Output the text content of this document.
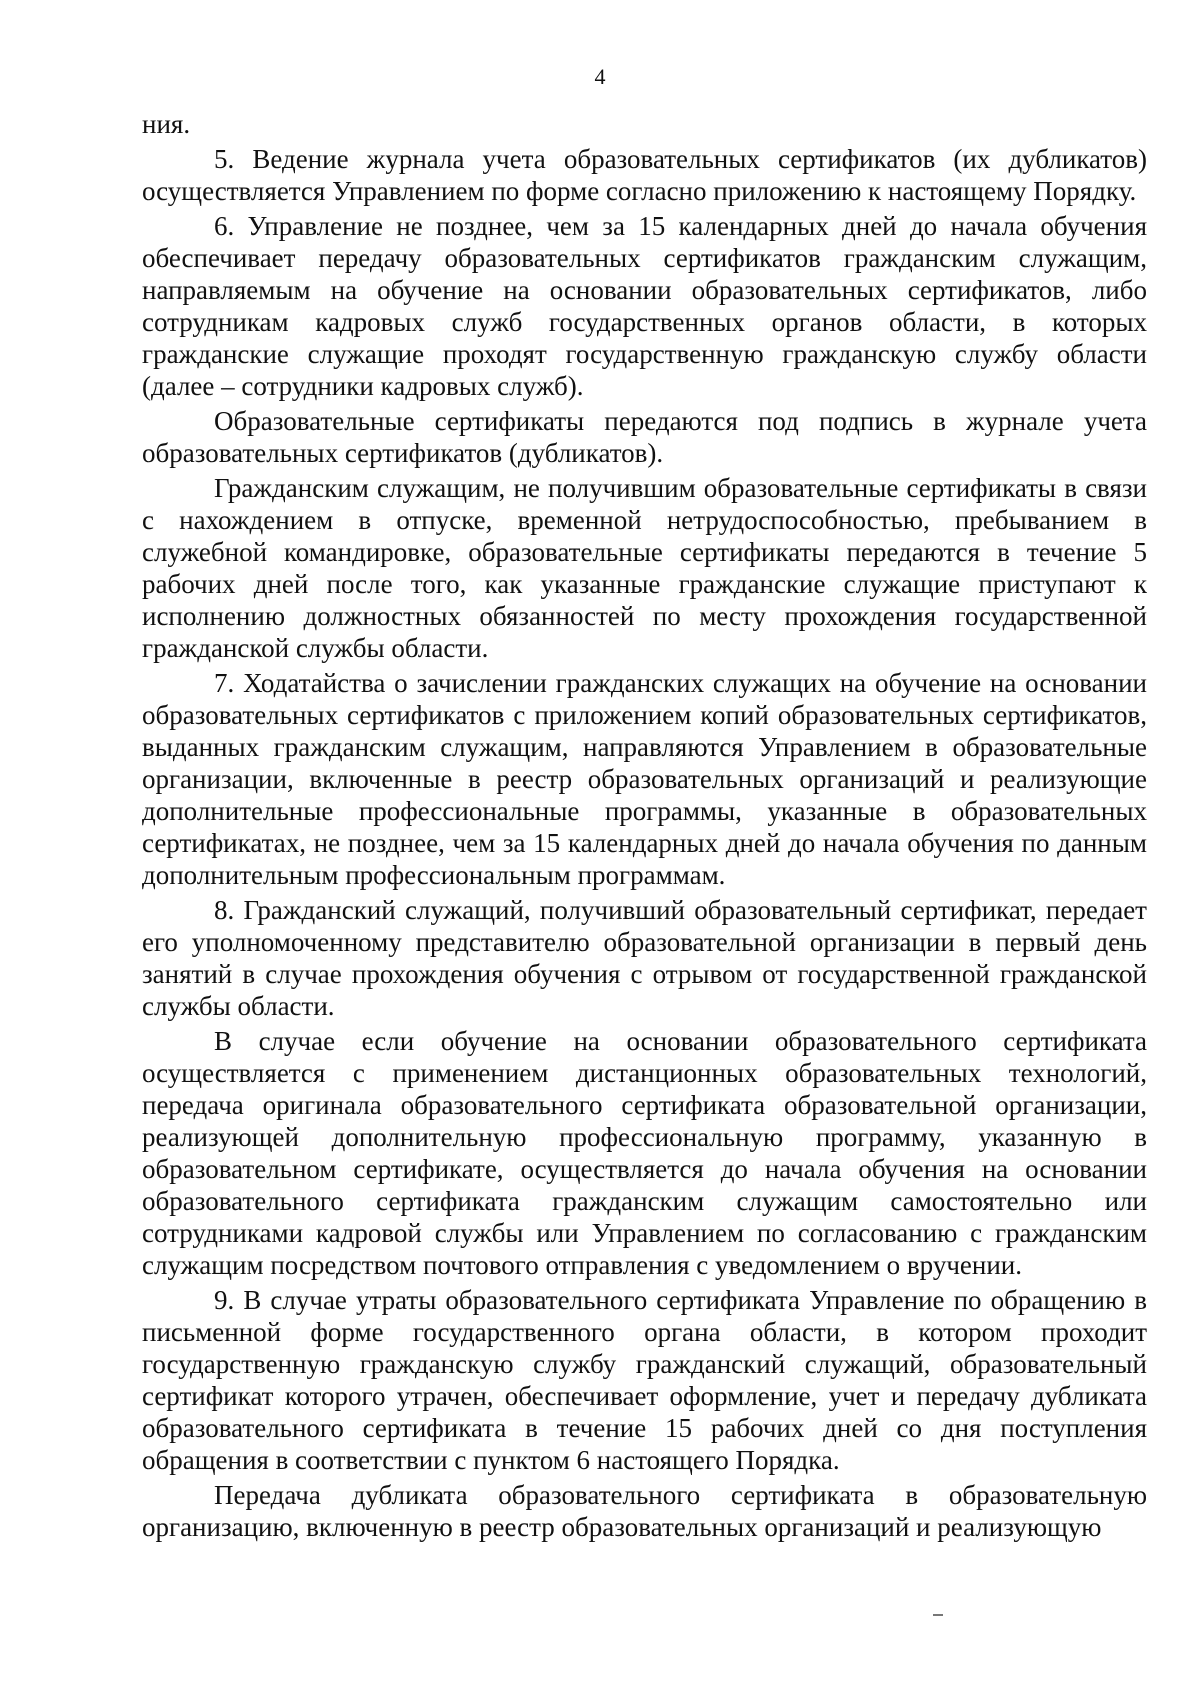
4

ния.

5. Ведение журнала учета образовательных сертификатов (их дубликатов) осуществляется Управлением по форме согласно приложению к настоящему Порядку.

6. Управление не позднее, чем за 15 календарных дней до начала обучения обеспечивает передачу образовательных сертификатов гражданским служащим, направляемым на обучение на основании образовательных сертификатов, либо сотрудникам кадровых служб государственных органов области, в которых гражданские служащие проходят государственную гражданскую службу области (далее – сотрудники кадровых служб).

Образовательные сертификаты передаются под подпись в журнале учета образовательных сертификатов (дубликатов).

Гражданским служащим, не получившим образовательные сертификаты в связи с нахождением в отпуске, временной нетрудоспособностью, пребыванием в служебной командировке, образовательные сертификаты передаются в течение 5 рабочих дней после того, как указанные гражданские служащие приступают к исполнению должностных обязанностей по месту прохождения государственной гражданской службы области.

7. Ходатайства о зачислении гражданских служащих на обучение на основании образовательных сертификатов с приложением копий образовательных сертификатов, выданных гражданским служащим, направляются Управлением в образовательные организации, включенные в реестр образовательных организаций и реализующие дополнительные профессиональные программы, указанные в образовательных сертификатах, не позднее, чем за 15 календарных дней до начала обучения по данным дополнительным профессиональным программам.

8. Гражданский служащий, получивший образовательный сертификат, передает его уполномоченному представителю образовательной организации в первый день занятий в случае прохождения обучения с отрывом от государственной гражданской службы области.

В случае если обучение на основании образовательного сертификата осуществляется с применением дистанционных образовательных технологий, передача оригинала образовательного сертификата образовательной организации, реализующей дополнительную профессиональную программу, указанную в образовательном сертификате, осуществляется до начала обучения на основании образовательного сертификата гражданским служащим самостоятельно или сотрудниками кадровой службы или Управлением по согласованию с гражданским служащим посредством почтового отправления с уведомлением о вручении.

9. В случае утраты образовательного сертификата Управление по обращению в письменной форме государственного органа области, в котором проходит государственную гражданскую службу гражданский служащий, образовательный сертификат которого утрачен, обеспечивает оформление, учет и передачу дубликата образовательного сертификата в течение 15 рабочих дней со дня поступления обращения в соответствии с пунктом 6 настоящего Порядка.

Передача дубликата образовательного сертификата в образовательную организацию, включенную в реестр образовательных организаций и реализующую
